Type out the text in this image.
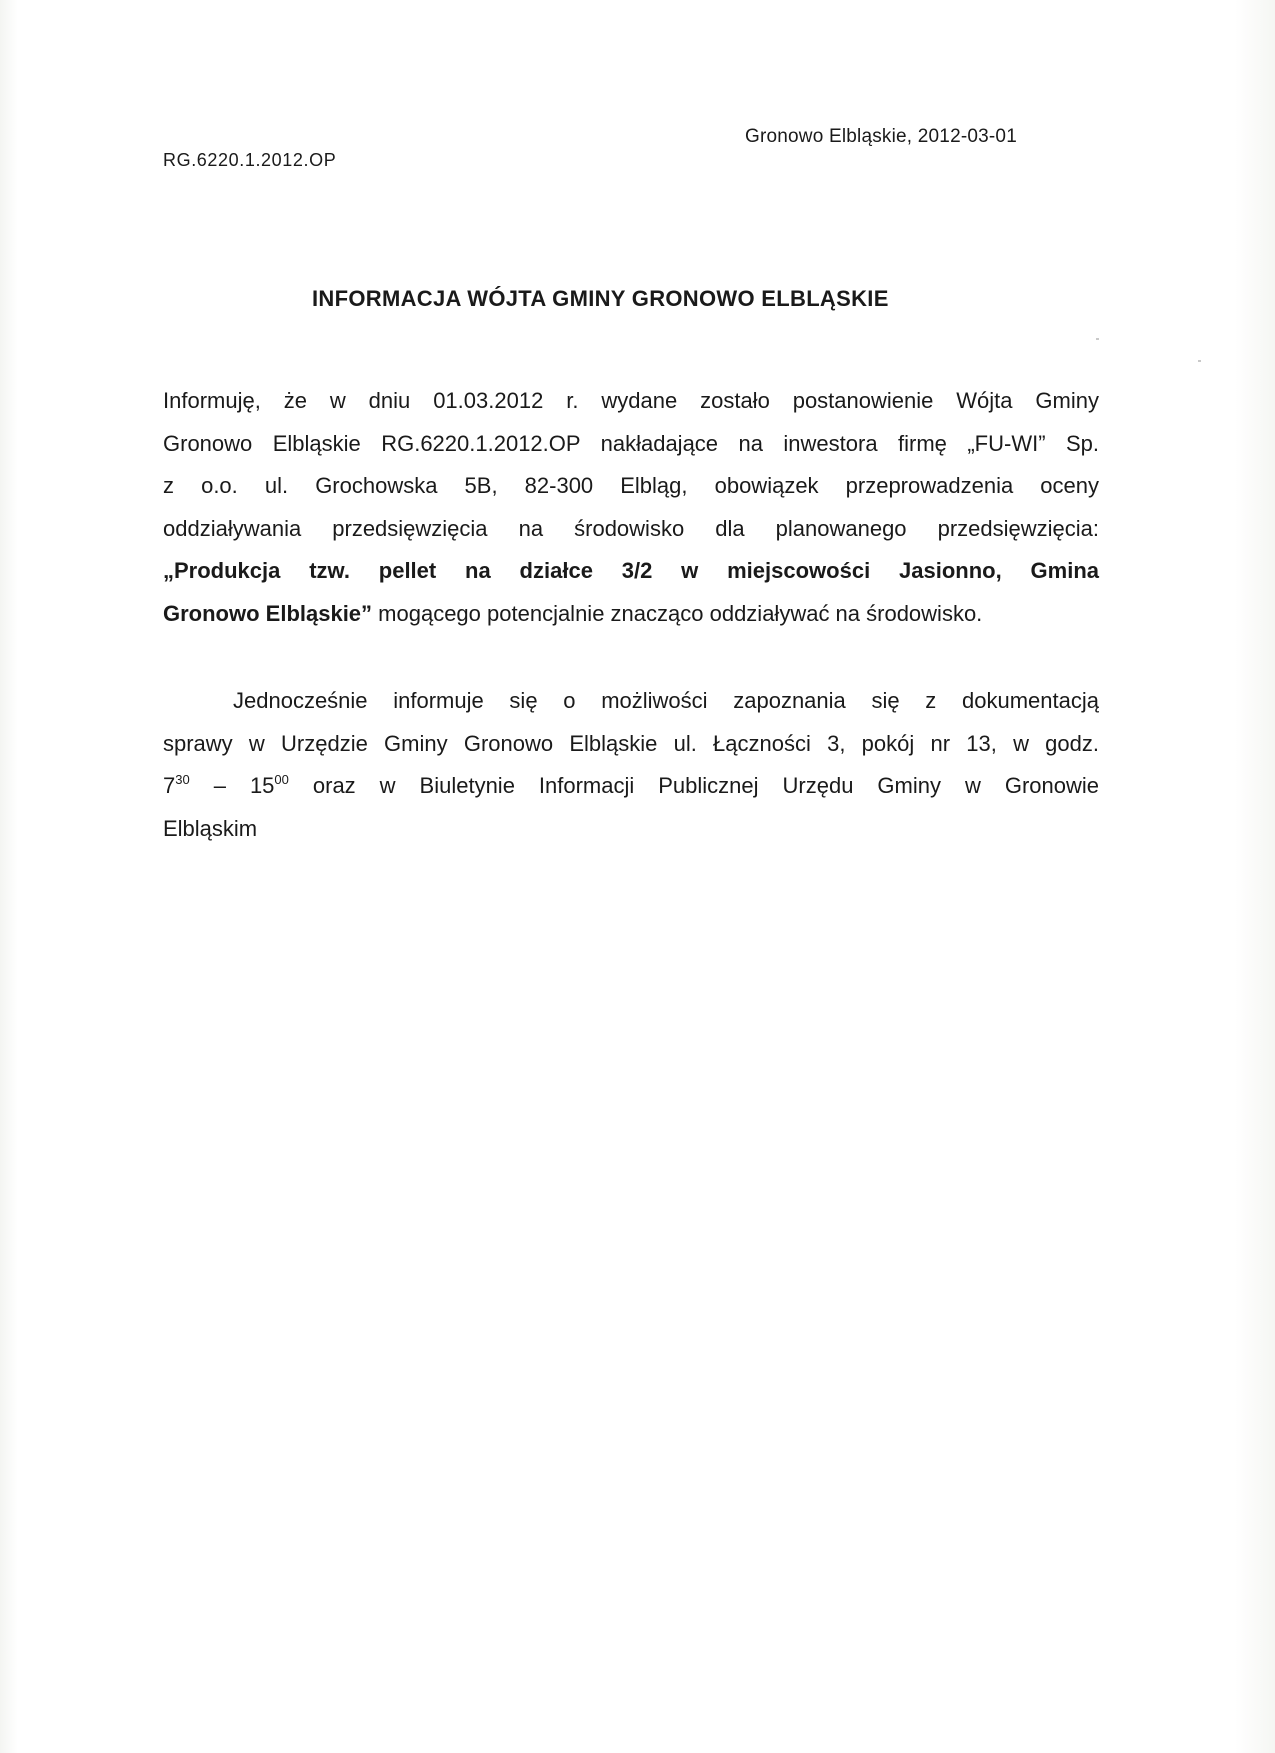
Gronowo Elbląskie, 2012-03-01
RG.6220.1.2012.OP
INFORMACJA WÓJTA GMINY GRONOWO ELBLĄSKIE
Informuję, że w dniu 01.03.2012 r. wydane zostało postanowienie Wójta Gminy
Gronowo Elbląskie RG.6220.1.2012.OP nakładające na inwestora firmę „FU-WI” Sp.
z o.o. ul. Grochowska 5B, 82-300 Elbląg, obowiązek przeprowadzenia oceny
oddziaływania przedsięwzięcia na środowisko dla planowanego przedsięwzięcia:
„Produkcja tzw. pellet na działce 3/2 w miejscowości Jasionno, Gmina
Gronowo Elbląskie” mogącego potencjalnie znacząco oddziaływać na środowisko.
Jednocześnie informuje się o możliwości zapoznania się z dokumentacją
sprawy w Urzędzie Gminy Gronowo Elbląskie ul. Łączności 3, pokój nr 13, w godz.
$7^{30} - 15^{00}$ oraz w Biuletynie Informacji Publicznej Urzędu Gminy w Gronowie
Elbląskim
